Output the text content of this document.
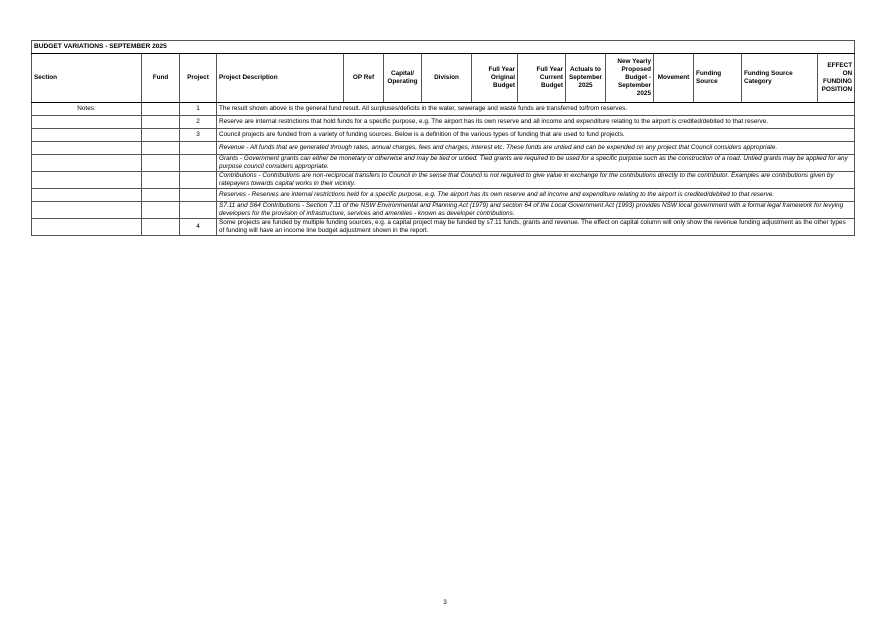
BUDGET VARIATIONS - SEPTEMBER 2025														
Section	Fund	Project	Project Description	OP Ref	Capital/ Operating	Division	Full Year Original Budget	Full Year Current Budget	Actuals to September 2025	New Yearly Proposed Budget - September 2025	Movement	Funding Source	Funding Source Category	EFFECT ON FUNDING POSITION
Notes:		1	The result shown above is the general fund result. All surpluses/deficits in the water, sewerage and waste funds are transferred to/from reserves.											
		2	Reserve are internal restrictions that hold funds for a specific purpose, e.g. The airport has its own reserve and all income and expenditure relating to the airport is credited/debited to that reserve.											
		3	Council projects are funded from a variety of funding sources. Below is a definition of the various types of funding that are used to fund projects.											
			Revenue - All funds that are generated through rates, annual charges, fees and charges, interest etc. These funds are untied and can be expended on any project that Council considers appropriate.											
			Grants - Government grants can either be monetary or otherwise and may be tied or untied. Tied grants are required to be used for a specific purpose such as the construction of a road. Untied grants may be applied for any purpose council considers appropriate.											
			Contributions - Contributions are non-reciprocal transfers to Council in the sense that Council is not required to give value in exchange for the contributions directly to the contributor. Examples are contributions given by ratepayers towards capital works in their vicinity.											
			Reserves - Reserves are internal restrictions held for a specific purpose, e.g. The airport has its own reserve and all income and expenditure relating to the airport is credited/debited to that reserve.											
			S7.11 and S64 Contributions - Section 7.11 of the NSW Environmental and Planning Act (1979) and section 64 of the Local Government Act (1993) provides NSW local government with a formal legal framework for levying developers for the provision of infrastructure, services and amenities - known as developer contributions.											
		4	Some projects are funded by multiple funding sources, e.g. a capital project may be funded by s7.11 funds, grants and revenue. The effect on capital column will only show the revenue funding adjustment as the other types of funding will have an income line budget adjustment shown in the report.											
3
